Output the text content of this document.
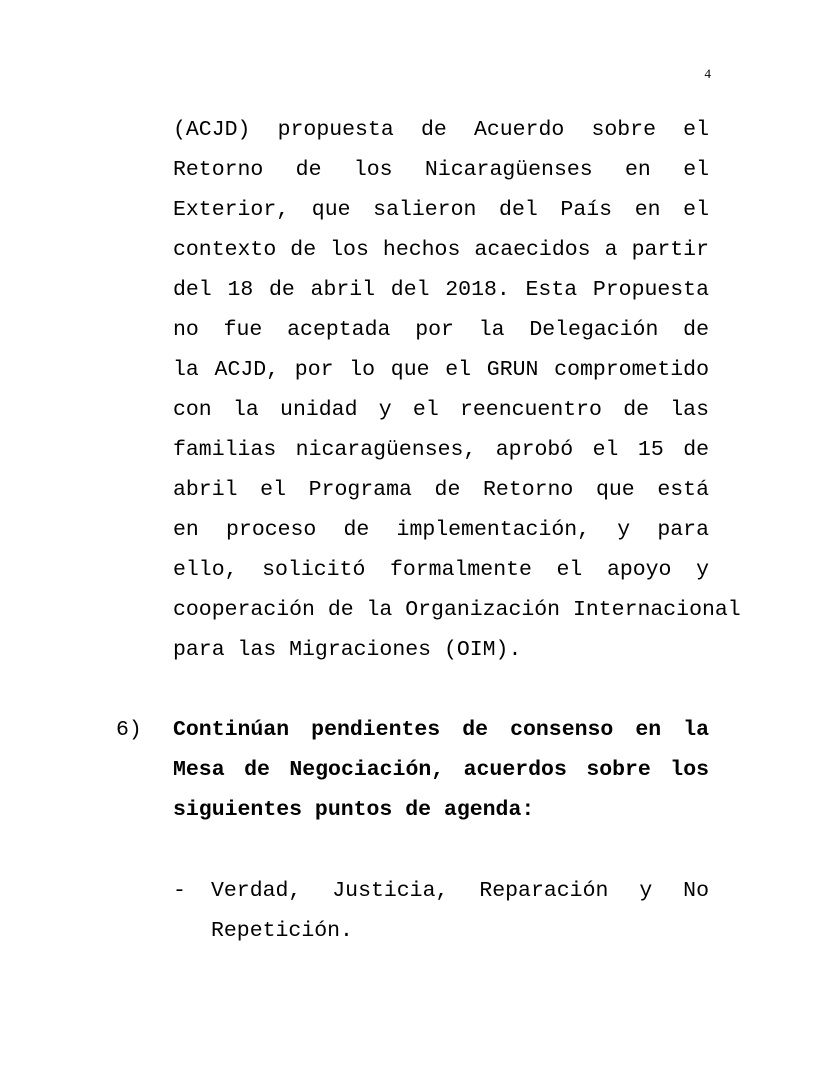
4
(ACJD) propuesta de Acuerdo sobre el
Retorno de los Nicaragüenses en el
Exterior, que salieron del País en el
contexto de los hechos acaecidos a partir
del 18 de abril del 2018. Esta Propuesta
no fue aceptada por la Delegación de
la ACJD, por lo que el GRUN comprometido
con la unidad y el reencuentro de las
familias nicaragüenses, aprobó el 15 de
abril el Programa de Retorno que está
en proceso de implementación, y para
ello, solicitó formalmente el apoyo y
cooperación de la Organización Internacional
para las Migraciones (OIM).
6) Continúan pendientes de consenso en la
Mesa de Negociación, acuerdos sobre los
siguientes puntos de agenda:
- Verdad, Justicia, Reparación y No
Repetición.
